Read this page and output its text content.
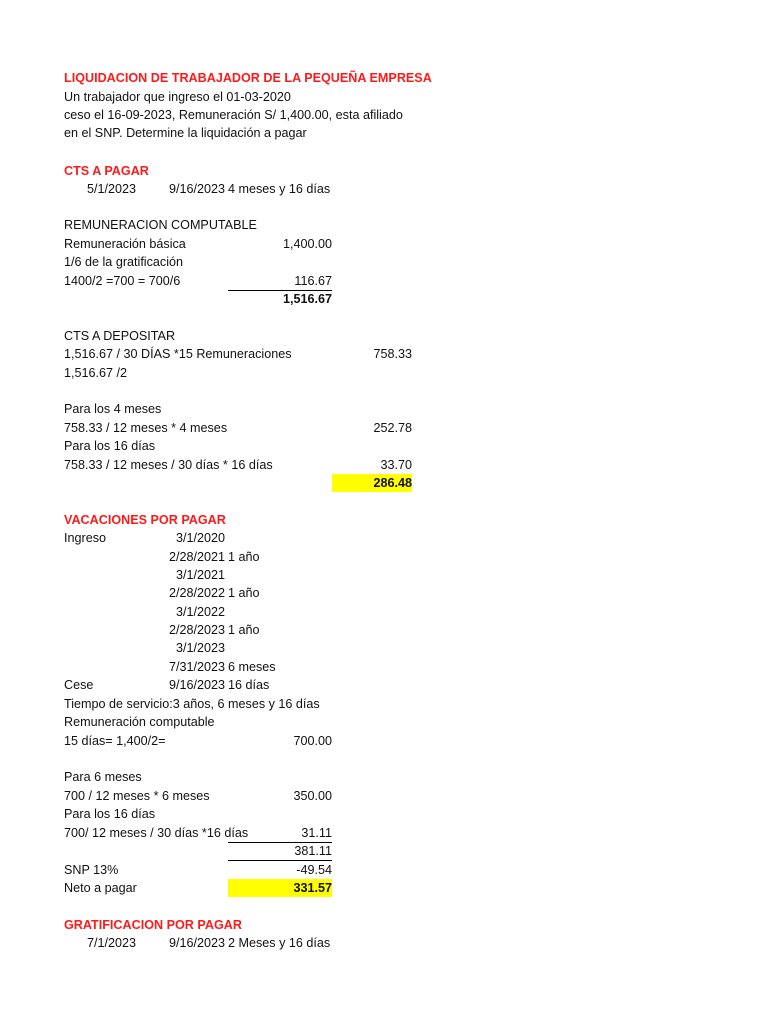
LIQUIDACION DE TRABAJADOR DE LA PEQUEÑA EMPRESA
Un trabajador que ingreso el 01-03-2020
ceso el 16-09-2023, Remuneración S/ 1,400.00, esta afiliado
en el SNP. Determine la liquidación a pagar
CTS A PAGAR
5/1/2023	9/16/2023 4 meses y 16 días
REMUNERACION COMPUTABLE
Remuneración básica	1,400.00
1/6 de la gratificación
1400/2 =700 = 700/6	116.67
1,516.67
CTS A DEPOSITAR
1,516.67 / 30 DÍAS *15 Remuneraciones	758.33
1,516.67 /2
Para los 4 meses
758.33 / 12 meses * 4 meses	252.78
Para los 16 días
758.33 / 12 meses / 30 días * 16 días	33.70
286.48
VACACIONES POR PAGAR
Ingreso	3/1/2020
2/28/2021 1 año
3/1/2021
2/28/2022 1 año
3/1/2022
2/28/2023 1 año
3/1/2023
7/31/2023 6 meses
Cese	9/16/2023 16 días
Tiempo de servicio:3 años, 6 meses y 16 días
Remuneración computable
15 días= 1,400/2=	700.00
Para 6 meses
700 / 12 meses * 6 meses	350.00
Para los 16 días
700/ 12 meses / 30 días *16 días	31.11
381.11
SNP 13%	-49.54
Neto a pagar	331.57
GRATIFICACION POR PAGAR
7/1/2023	9/16/2023 2 Meses y 16 días
